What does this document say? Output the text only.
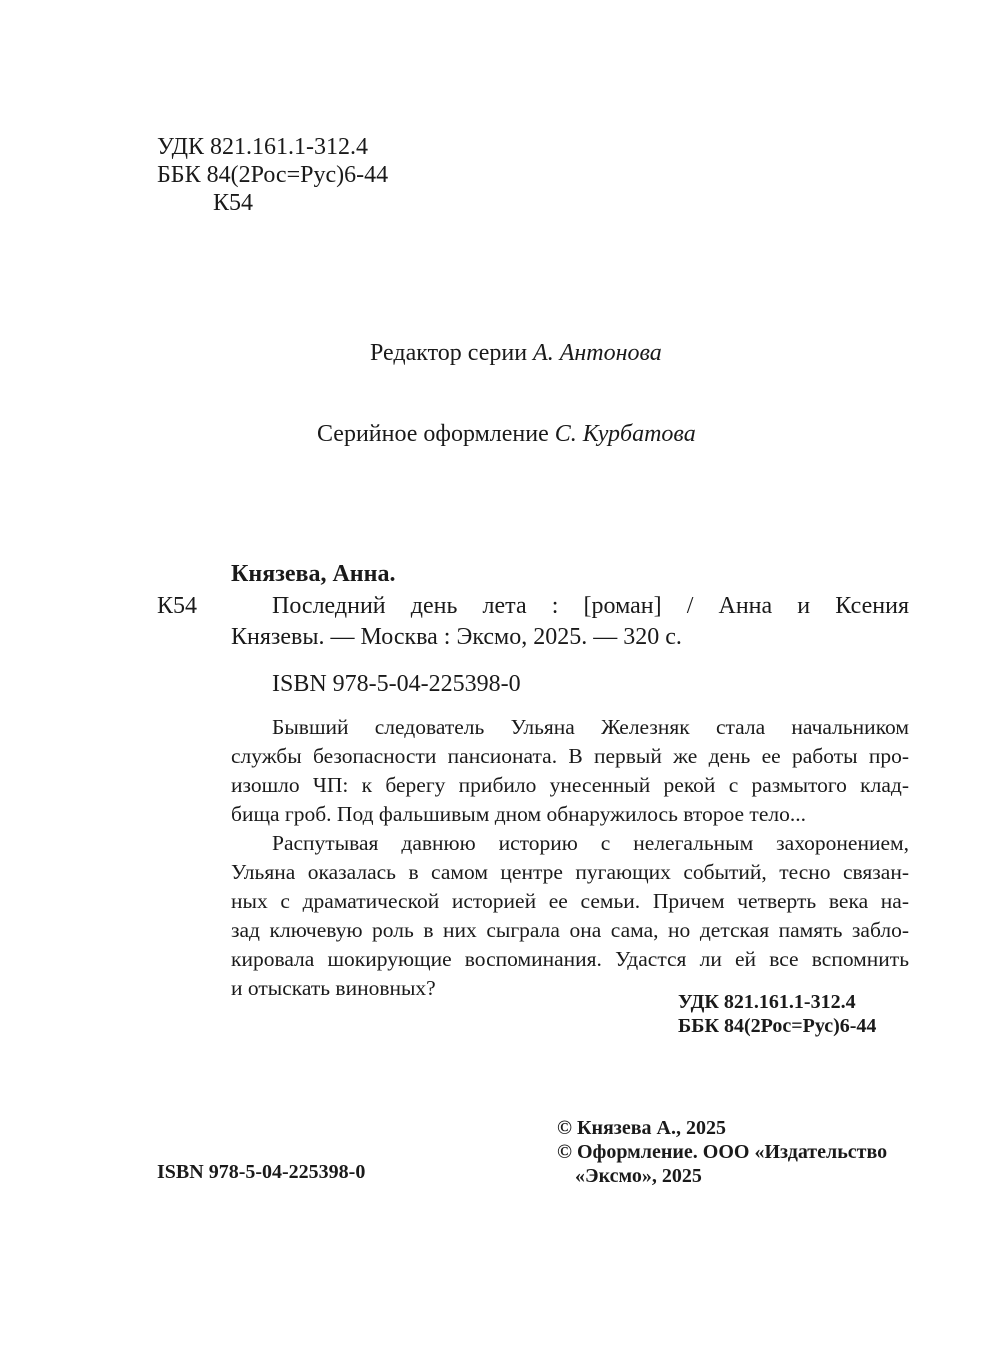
УДК 821.161.1-312.4
ББК 84(2Рос=Рус)6-44
К54
Редактор серии А. Антонова
Серийное оформление С. Курбатова
Князева, Анна.
К54	Последний день лета : [роман] / Анна и Ксения
Князевы. — Москва : Эксмо, 2025. — 320 с.
ISBN 978-5-04-225398-0
Бывший следователь Ульяна Железняк стала начальником
службы безопасности пансионата. В первый же день ее работы про-
изошло ЧП: к берегу прибило унесенный рекой с размытого клад-
бища гроб. Под фальшивым дном обнаружилось второе тело...
Распутывая давнюю историю с нелегальным захоронением,
Ульяна оказалась в самом центре пугающих событий, тесно связан-
ных с драматической историей ее семьи. Причем четверть века на-
зад ключевую роль в них сыграла она сама, но детская память забло-
кировала шокирующие воспоминания. Удастся ли ей все вспомнить
и отыскать виновных?
УДК 821.161.1-312.4
ББК 84(2Рос=Рус)6-44
© Князева А., 2025
© Оформление. ООО «Издательство
«Эксмо», 2025
ISBN 978-5-04-225398-0
